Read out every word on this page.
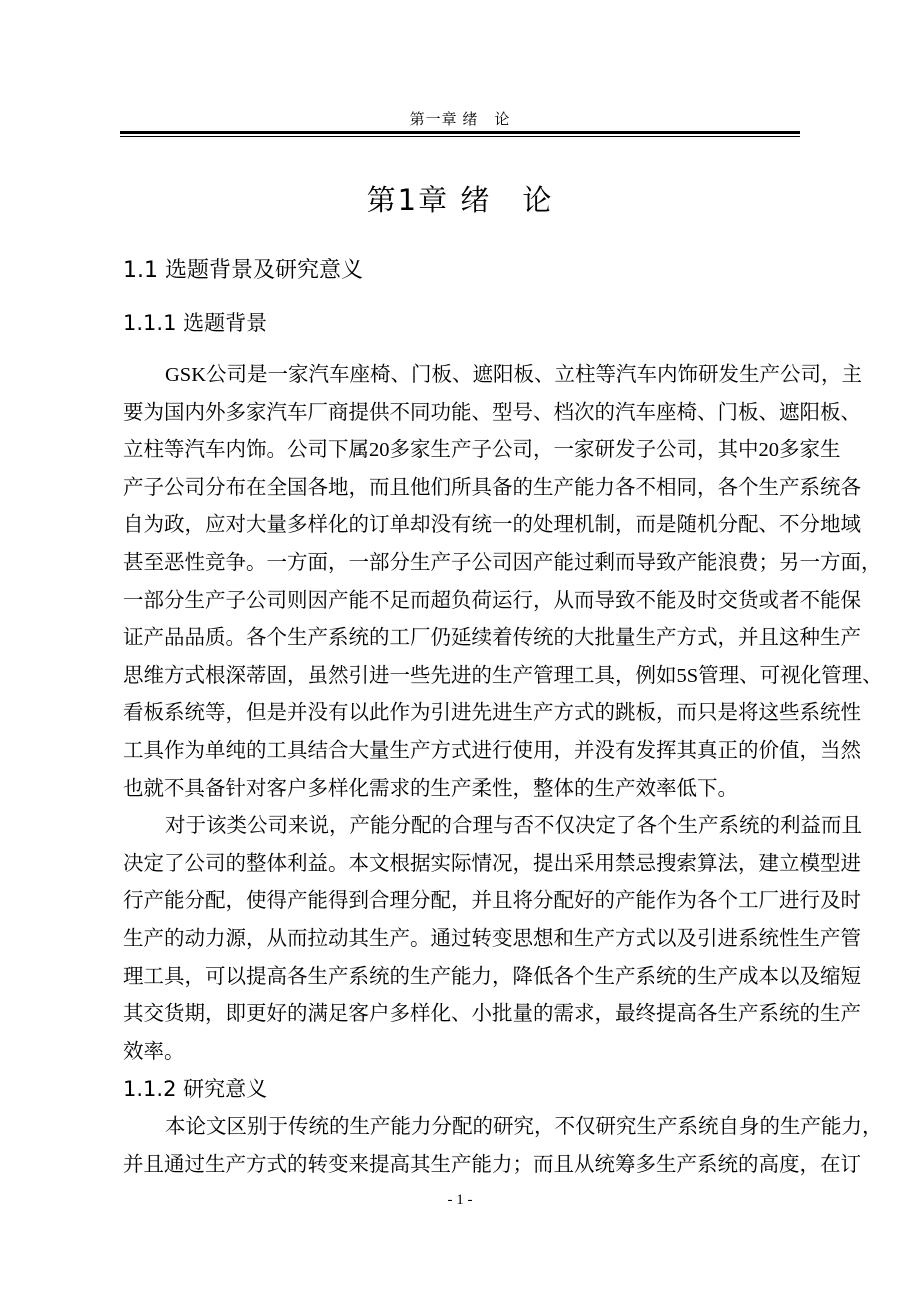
第一章 绪　论
第1章 绪　论
1.1 选题背景及研究意义
1.1.1 选题背景
GSK公司是一家汽车座椅、门板、遮阳板、立柱等汽车内饰研发生产公司，主
要为国内外多家汽车厂商提供不同功能、型号、档次的汽车座椅、门板、遮阳板、
立柱等汽车内饰。公司下属20多家生产子公司，一家研发子公司，其中20多家生
产子公司分布在全国各地，而且他们所具备的生产能力各不相同，各个生产系统各
自为政，应对大量多样化的订单却没有统一的处理机制，而是随机分配、不分地域
甚至恶性竞争。一方面，一部分生产子公司因产能过剩而导致产能浪费；另一方面，
一部分生产子公司则因产能不足而超负荷运行，从而导致不能及时交货或者不能保
证产品品质。各个生产系统的工厂仍延续着传统的大批量生产方式，并且这种生产
思维方式根深蒂固，虽然引进一些先进的生产管理工具，例如5S管理、可视化管理、
看板系统等，但是并没有以此作为引进先进生产方式的跳板，而只是将这些系统性
工具作为单纯的工具结合大量生产方式进行使用，并没有发挥其真正的价值，当然
也就不具备针对客户多样化需求的生产柔性，整体的生产效率低下。
对于该类公司来说，产能分配的合理与否不仅决定了各个生产系统的利益而且
决定了公司的整体利益。本文根据实际情况，提出采用禁忌搜索算法，建立模型进
行产能分配，使得产能得到合理分配，并且将分配好的产能作为各个工厂进行及时
生产的动力源，从而拉动其生产。通过转变思想和生产方式以及引进系统性生产管
理工具，可以提高各生产系统的生产能力，降低各个生产系统的生产成本以及缩短
其交货期，即更好的满足客户多样化、小批量的需求，最终提高各生产系统的生产
效率。
本论文区别于传统的生产能力分配的研究，不仅研究生产系统自身的生产能力，
并且通过生产方式的转变来提高其生产能力；而且从统筹多生产系统的高度，在订
1.1.2 研究意义
- 1 -
